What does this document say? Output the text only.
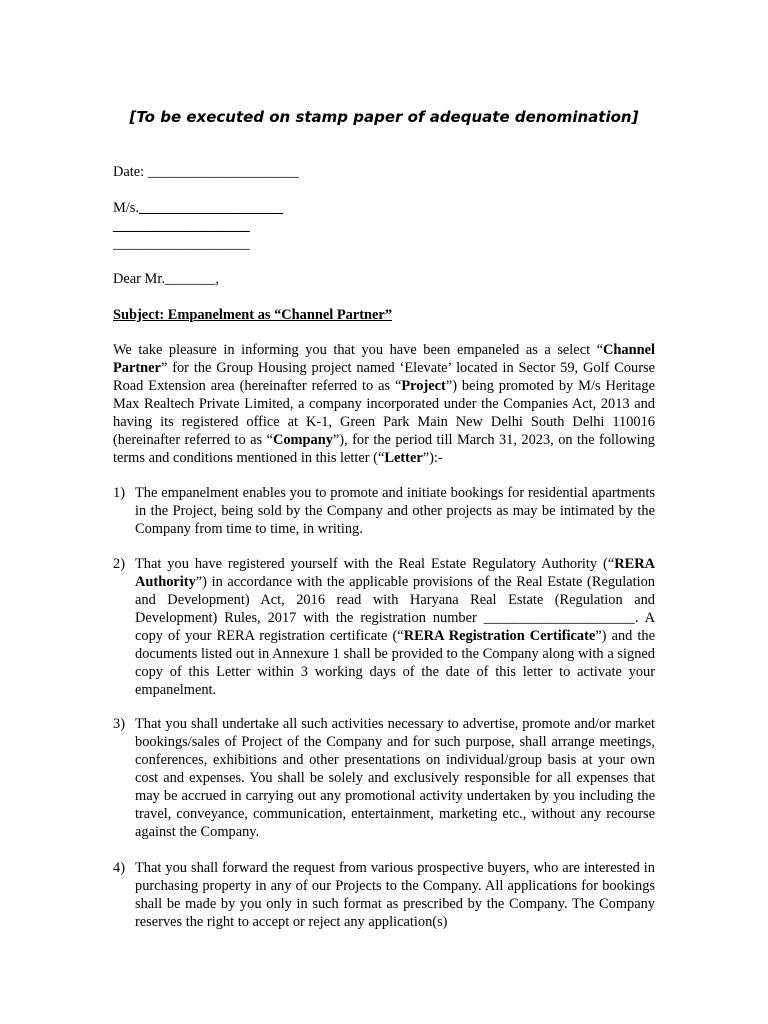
[To be executed on stamp paper of adequate denomination]
Date: _____________________
M/s.____________________
___________________
___________________
Dear Mr._______,
Subject: Empanelment as “Channel Partner”
We take pleasure in informing you that you have been empaneled as a select “Channel Partner” for the Group Housing project named ‘Elevate’ located in Sector 59, Golf Course Road Extension area (hereinafter referred to as “Project”) being promoted by M/s Heritage Max Realtech Private Limited, a company incorporated under the Companies Act, 2013 and having its registered office at K-1, Green Park Main New Delhi South Delhi 110016 (hereinafter referred to as “Company”), for the period till March 31, 2023, on the following terms and conditions mentioned in this letter (“Letter”):-
1) The empanelment enables you to promote and initiate bookings for residential apartments in the Project, being sold by the Company and other projects as may be intimated by the Company from time to time, in writing.
2) That you have registered yourself with the Real Estate Regulatory Authority (“RERA Authority”) in accordance with the applicable provisions of the Real Estate (Regulation and Development) Act, 2016 read with Haryana Real Estate (Regulation and Development) Rules, 2017 with the registration number _____________________. A copy of your RERA registration certificate (“RERA Registration Certificate”) and the documents listed out in Annexure 1 shall be provided to the Company along with a signed copy of this Letter within 3 working days of the date of this letter to activate your empanelment.
3) That you shall undertake all such activities necessary to advertise, promote and/or market bookings/sales of Project of the Company and for such purpose, shall arrange meetings, conferences, exhibitions and other presentations on individual/group basis at your own cost and expenses. You shall be solely and exclusively responsible for all expenses that may be accrued in carrying out any promotional activity undertaken by you including the travel, conveyance, communication, entertainment, marketing etc., without any recourse against the Company.
4) That you shall forward the request from various prospective buyers, who are interested in purchasing property in any of our Projects to the Company. All applications for bookings shall be made by you only in such format as prescribed by the Company. The Company reserves the right to accept or reject any application(s)
